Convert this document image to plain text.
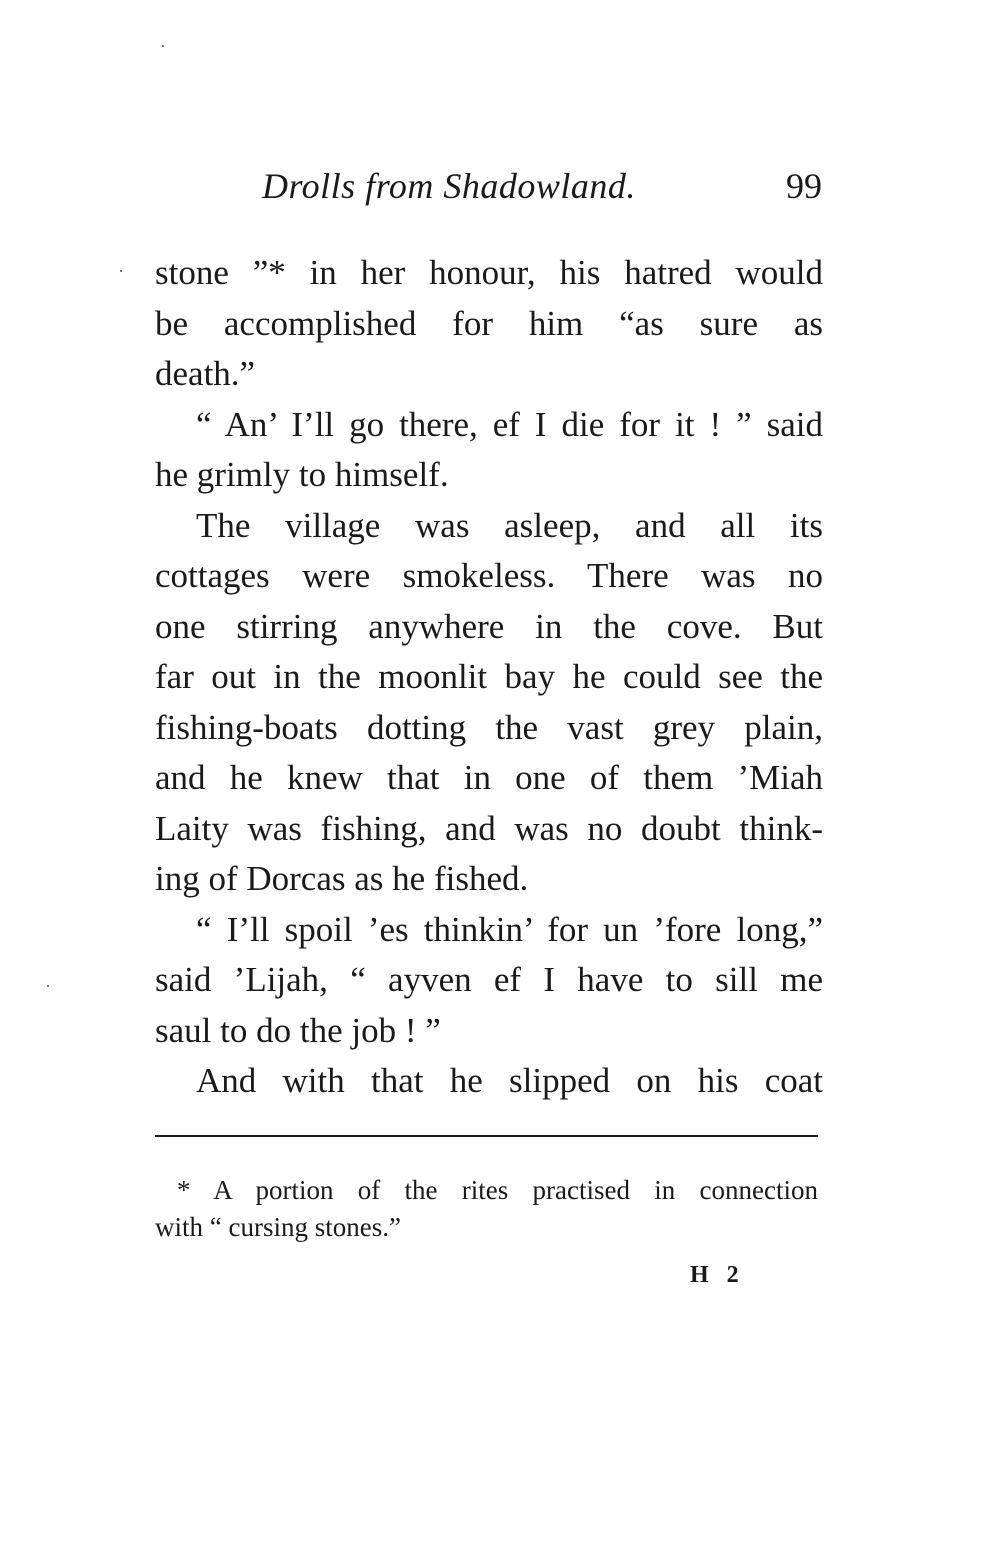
Drolls from Shadowland.	99
stone ”* in her honour, his hatred would
be accomplished for him “as sure as
death.”
“ An’ I’ll go there, ef I die for it ! ” said
he grimly to himself.
The village was asleep, and all its
cottages were smokeless. There was no
one stirring anywhere in the cove. But
far out in the moonlit bay he could see the
fishing-boats dotting the vast grey plain,
and he knew that in one of them ’Miah
Laity was fishing, and was no doubt think-
ing of Dorcas as he fished.
“ I’ll spoil ’es thinkin’ for un ’fore long,”
said ’Lijah, “ ayven ef I have to sill me
saul to do the job ! ”
And with that he slipped on his coat
* A portion of the rites practised in connection
with “ cursing stones.”
H 2
